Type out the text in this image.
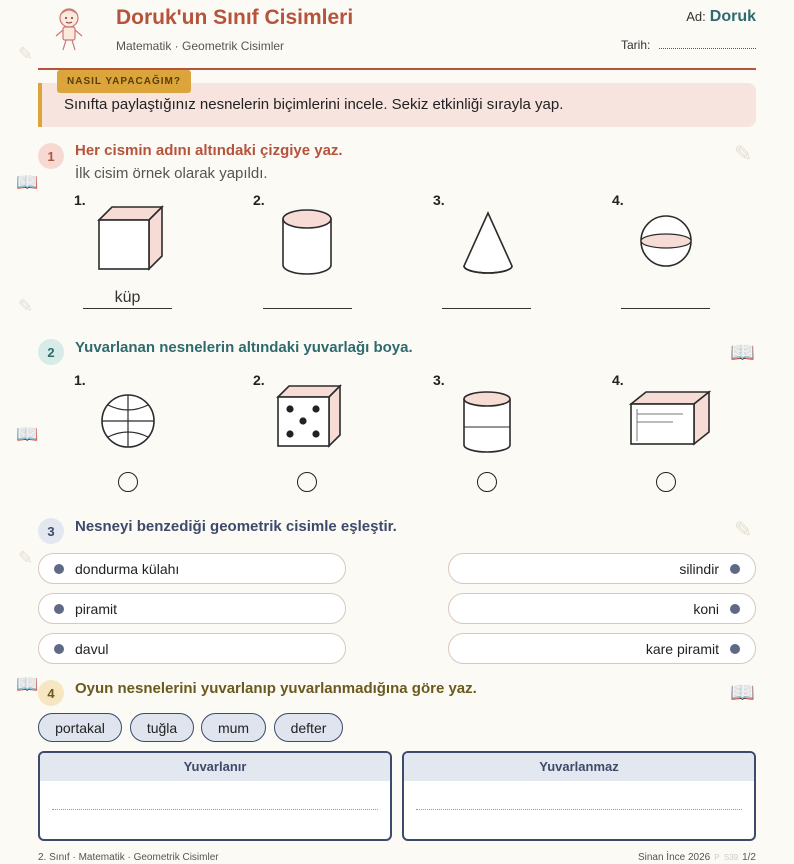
✎
📖
✎
📖
✎
📖
✎
📖
✎
📖
Doruk'un Sınıf Cisimleri
Matematik · Geometrik Cisimler
Ad: Doruk
Tarih:
Sınıfta paylaştığınız nesnelerin biçimlerini incele. Sekiz etkinliği sırayla yap.
NASIL YAPACAĞIM?
1	Her cismin adını altındaki çizgiye yaz.
İlk cisim örnek olarak yapıldı.
1.	2.	3.	4.
küp
2	Yuvarlanan nesnelerin altındaki yuvarlağı boya.
1.	2.	3.	4.
3	Nesneyi benzediği geometrik cisimle eşleştir.
dondurma külahı
piramit
davul
silindir
koni
kare piramit
4	Oyun nesnelerini yuvarlanıp yuvarlanmadığına göre yaz.
portakal	tuğla	mum	defter
Yuvarlanır	Yuvarlanmaz
2. Sınıf · Matematik · Geometrik Cisimler	Sinan İnce 2026 P  S39 1/2
